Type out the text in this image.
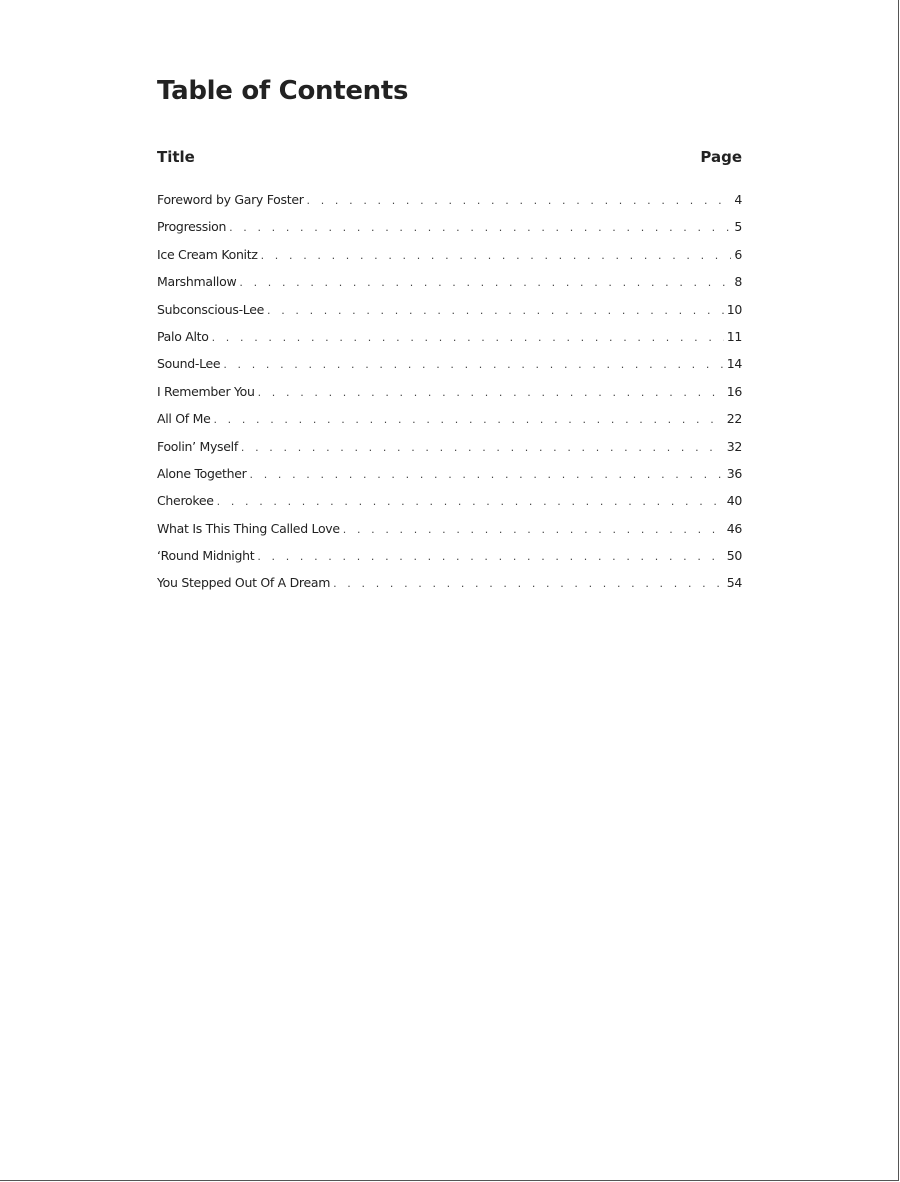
Table of Contents
Title	Page
Foreword by Gary Foster . . .	4
Progression . . .	5
Ice Cream Konitz . . .	6
Marshmallow . . .	8
Subconscious-Lee . . .	10
Palo Alto . . .	11
Sound-Lee . . .	14
I Remember You . . .	16
All Of Me . . .	22
Foolin’ Myself . . .	32
Alone Together . . .	36
Cherokee . . .	40
What Is This Thing Called Love . . .	46
‘Round Midnight . . .	50
You Stepped Out Of A Dream . . .	54
